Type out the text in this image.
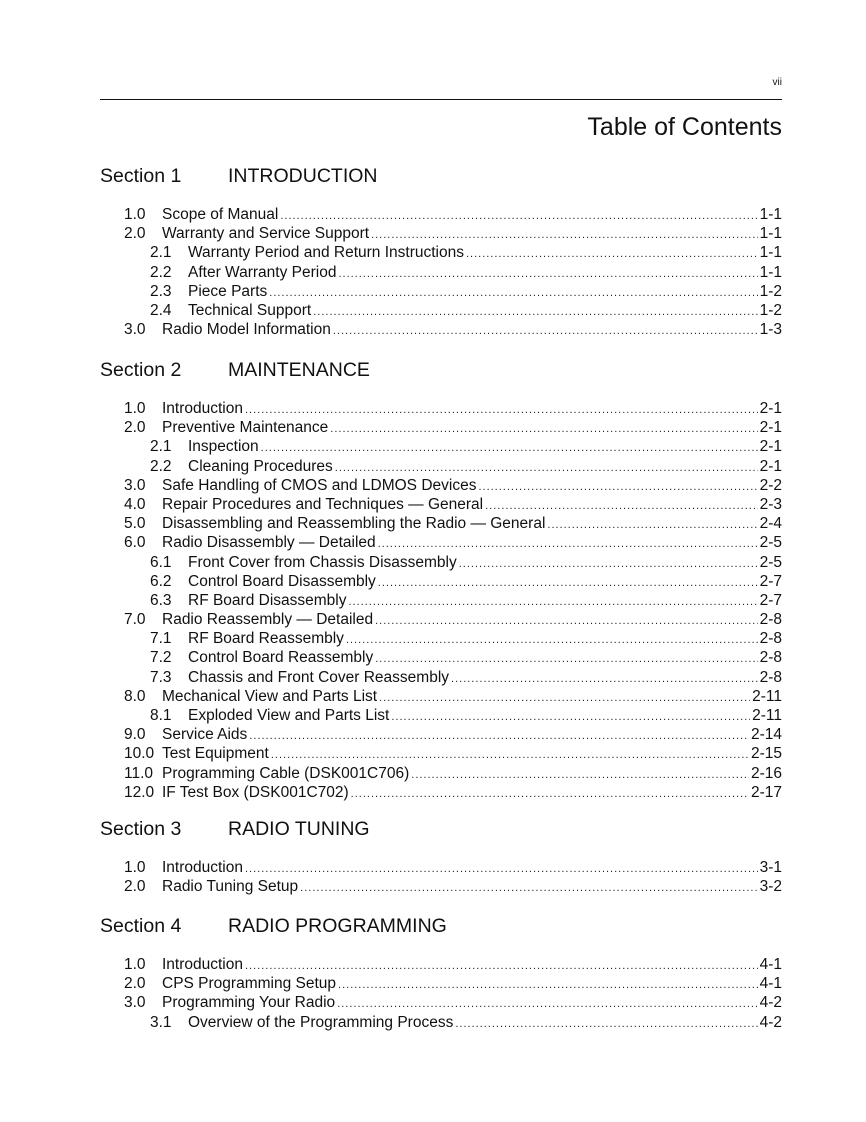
vii
Table of Contents
Section 1 INTRODUCTION
1.0	Scope of Manual .....	1-1
2.0	Warranty and Service Support .....	1-1
2.1	Warranty Period and Return Instructions .....	1-1
2.2	After Warranty Period .....	1-1
2.3	Piece Parts .....	1-2
2.4	Technical Support .....	1-2
3.0	Radio Model Information .....	1-3
Section 2 MAINTENANCE
1.0	Introduction .....	2-1
2.0	Preventive Maintenance .....	2-1
2.1	Inspection .....	2-1
2.2	Cleaning Procedures .....	2-1
3.0	Safe Handling of CMOS and LDMOS Devices .....	2-2
4.0	Repair Procedures and Techniques — General .....	2-3
5.0	Disassembling and Reassembling the Radio — General .....	2-4
6.0	Radio Disassembly — Detailed .....	2-5
6.1	Front Cover from Chassis Disassembly .....	2-5
6.2	Control Board Disassembly .....	2-7
6.3	RF Board Disassembly .....	2-7
7.0	Radio Reassembly — Detailed .....	2-8
7.1	RF Board Reassembly .....	2-8
7.2	Control Board Reassembly .....	2-8
7.3	Chassis and Front Cover Reassembly .....	2-8
8.0	Mechanical View and Parts List .....	2-11
8.1	Exploded View and Parts List .....	2-11
9.0	Service Aids .....	2-14
10.0 Test Equipment .....	2-15
11.0 Programming Cable (DSK001C706) .....	2-16
12.0 IF Test Box (DSK001C702) .....	2-17
Section 3 RADIO TUNING
1.0	Introduction .....	3-1
2.0	Radio Tuning Setup .....	3-2
Section 4 RADIO PROGRAMMING
1.0	Introduction .....	4-1
2.0	CPS Programming Setup .....	4-1
3.0	Programming Your Radio .....	4-2
3.1	Overview of the Programming Process .....	4-2
